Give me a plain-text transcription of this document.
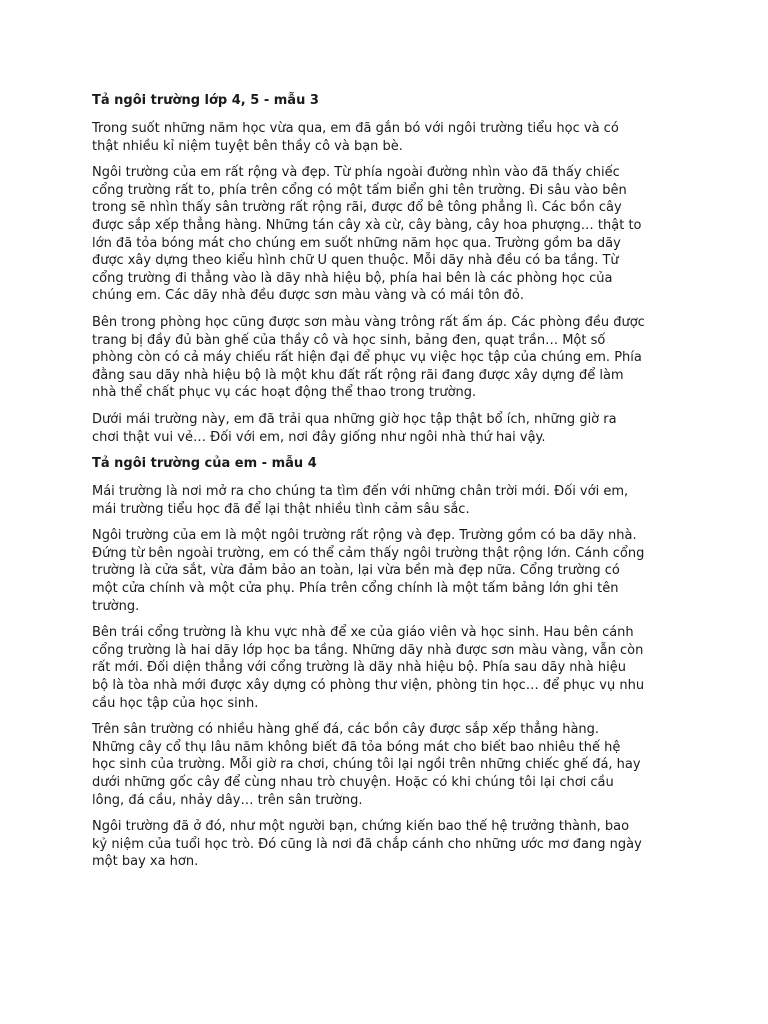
Tả ngôi trường lớp 4, 5 - mẫu 3

Trong suốt những năm học vừa qua, em đã gắn bó với ngôi trường tiểu học và có
thật nhiều kỉ niệm tuyệt bên thầy cô và bạn bè.

Ngôi trường của em rất rộng và đẹp. Từ phía ngoài đường nhìn vào đã thấy chiếc
cổng trường rất to, phía trên cổng có một tấm biển ghi tên trường. Đi sâu vào bên
trong sẽ nhìn thấy sân trường rất rộng rãi, được đổ bê tông phẳng lì. Các bồn cây
được sắp xếp thẳng hàng. Những tán cây xà cừ, cây bàng, cây hoa phượng… thật to
lớn đã tỏa bóng mát cho chúng em suốt những năm học qua. Trường gồm ba dãy
được xây dựng theo kiểu hình chữ U quen thuộc. Mỗi dãy nhà đều có ba tầng. Từ
cổng trường đi thẳng vào là dãy nhà hiệu bộ, phía hai bên là các phòng học của
chúng em. Các dãy nhà đều được sơn màu vàng và có mái tôn đỏ.

Bên trong phòng học cũng được sơn màu vàng trông rất ấm áp. Các phòng đều được
trang bị đầy đủ bàn ghế của thầy cô và học sinh, bảng đen, quạt trần… Một số
phòng còn có cả máy chiếu rất hiện đại để phục vụ việc học tập của chúng em. Phía
đằng sau dãy nhà hiệu bộ là một khu đất rất rộng rãi đang được xây dựng để làm
nhà thể chất phục vụ các hoạt động thể thao trong trường.

Dưới mái trường này, em đã trải qua những giờ học tập thật bổ ích, những giờ ra
chơi thật vui vẻ… Đối với em, nơi đây giống như ngôi nhà thứ hai vậy.

Tả ngôi trường của em - mẫu 4

Mái trường là nơi mở ra cho chúng ta tìm đến với những chân trời mới. Đối với em,
mái trường tiểu học đã để lại thật nhiều tình cảm sâu sắc.

Ngôi trường của em là một ngôi trường rất rộng và đẹp. Trường gồm có ba dãy nhà.
Đứng từ bên ngoài trường, em có thể cảm thấy ngôi trường thật rộng lớn. Cánh cổng
trường là cửa sắt, vừa đảm bảo an toàn, lại vừa bền mà đẹp nữa. Cổng trường có
một cửa chính và một cửa phụ. Phía trên cổng chính là một tấm bảng lớn ghi tên
trường.

Bên trái cổng trường là khu vực nhà để xe của giáo viên và học sinh. Hau bên cánh
cổng trường là hai dãy lớp học ba tầng. Những dãy nhà được sơn màu vàng, vẫn còn
rất mới. Đối diện thẳng với cổng trường là dãy nhà hiệu bộ. Phía sau dãy nhà hiệu
bộ là tòa nhà mới được xây dựng có phòng thư viện, phòng tin học… để phục vụ nhu
cầu học tập của học sinh.

Trên sân trường có nhiều hàng ghế đá, các bồn cây được sắp xếp thẳng hàng.
Những cây cổ thụ lâu năm không biết đã tỏa bóng mát cho biết bao nhiêu thế hệ
học sinh của trường. Mỗi giờ ra chơi, chúng tôi lại ngồi trên những chiếc ghế đá, hay
dưới những gốc cây để cùng nhau trò chuyện. Hoặc có khi chúng tôi lại chơi cầu
lông, đá cầu, nhảy dây… trên sân trường.

Ngôi trường đã ở đó, như một người bạn, chứng kiến bao thế hệ trưởng thành, bao
kỷ niệm của tuổi học trò. Đó cũng là nơi đã chắp cánh cho những ước mơ đang ngày
một bay xa hơn.
